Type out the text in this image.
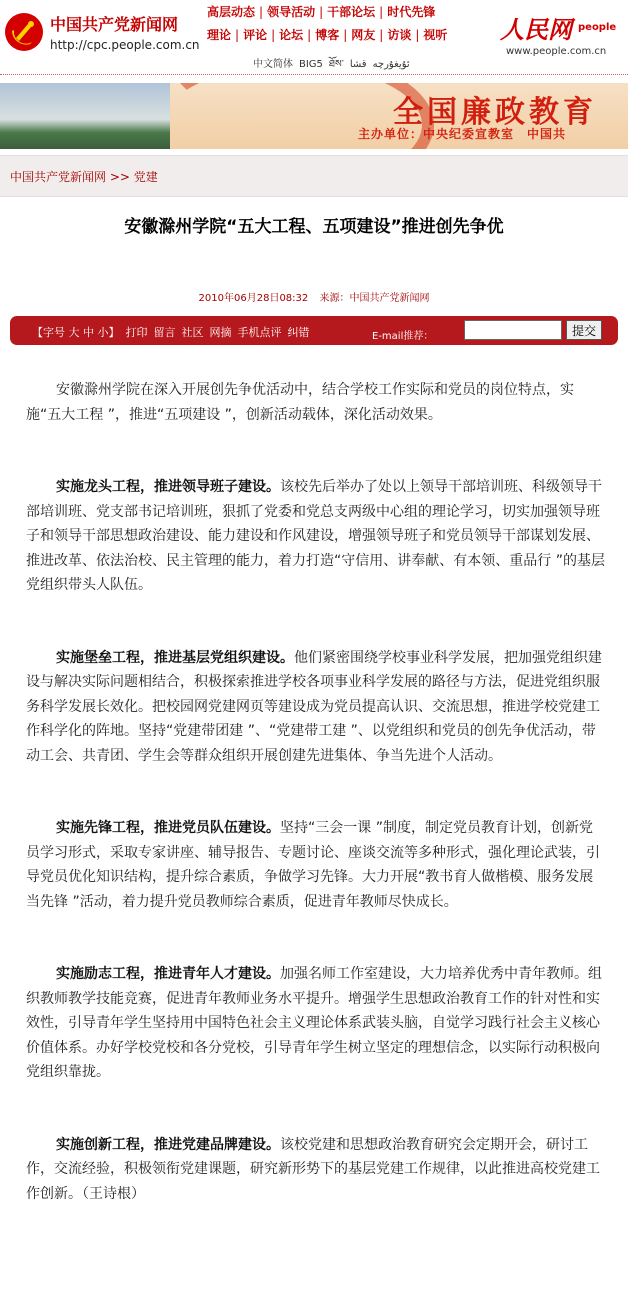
中国共产党新闻网
http://cpc.people.com.cn
高层动态 | 领导活动 | 干部论坛 | 时代先锋
理论 | 评论 | 论坛 | 博客 | 网友 | 访谈 | 视听
中文简体 BIG5 ཐོས་	ئۇيغۇرچەقشا
人民网 people
www.people.com.cn
全国廉政教育
主办单位：中央纪委宣教室　中国共
中国共产党新闻网 >> 党建
安徽滁州学院“五大工程、五项建设”推进创先争优
2010年06月28日08:32 来源：中国共产党新闻网
【字号 大 中 小】 打印 留言 社区 网摘 手机点评 纠错	E-mail推荐：	提交

安徽滁州学院在深入开展创先争优活动中，结合学校工作实际和党员的岗位特点，实施“五大工程 ”，推进“五项建设 ”，创新活动载体，深化活动效果。

实施龙头工程，推进领导班子建设。该校先后举办了处以上领导干部培训班、科级领导干部培训班、党支部书记培训班，狠抓了党委和党总支两级中心组的理论学习，切实加强领导班子和领导干部思想政治建设、能力建设和作风建设，增强领导班子和党员领导干部谋划发展、推进改革、依法治校、民主管理的能力，着力打造“守信用、讲奉献、有本领、重品行 ”的基层党组织带头人队伍。

实施堡垒工程，推进基层党组织建设。他们紧密围绕学校事业科学发展，把加强党组织建设与解决实际问题相结合，积极探索推进学校各项事业科学发展的路径与方法，促进党组织服务科学发展长效化。把校园网党建网页等建设成为党员提高认识、交流思想，推进学校党建工作科学化的阵地。坚持“党建带团建 ”、“党建带工建 ”、以党组织和党员的创先争优活动，带动工会、共青团、学生会等群众组织开展创建先进集体、争当先进个人活动。

实施先锋工程，推进党员队伍建设。坚持“三会一课 ”制度，制定党员教育计划，创新党员学习形式，采取专家讲座、辅导报告、专题讨论、座谈交流等多种形式，强化理论武装，引导党员优化知识结构，提升综合素质，争做学习先锋。大力开展“教书育人做楷模、服务发展当先锋 ”活动，着力提升党员教师综合素质，促进青年教师尽快成长。

实施励志工程，推进青年人才建设。加强名师工作室建设，大力培养优秀中青年教师。组织教师教学技能竞赛，促进青年教师业务水平提升。增强学生思想政治教育工作的针对性和实效性，引导青年学生坚持用中国特色社会主义理论体系武装头脑，自觉学习践行社会主义核心价值体系。办好学校党校和各分党校，引导青年学生树立坚定的理想信念，以实际行动积极向党组织靠拢。

实施创新工程，推进党建品牌建设。该校党建和思想政治教育研究会定期开会，研讨工作，交流经验，积极领衔党建课题，研究新形势下的基层党建工作规律，以此推进高校党建工作创新。（王诗根）
